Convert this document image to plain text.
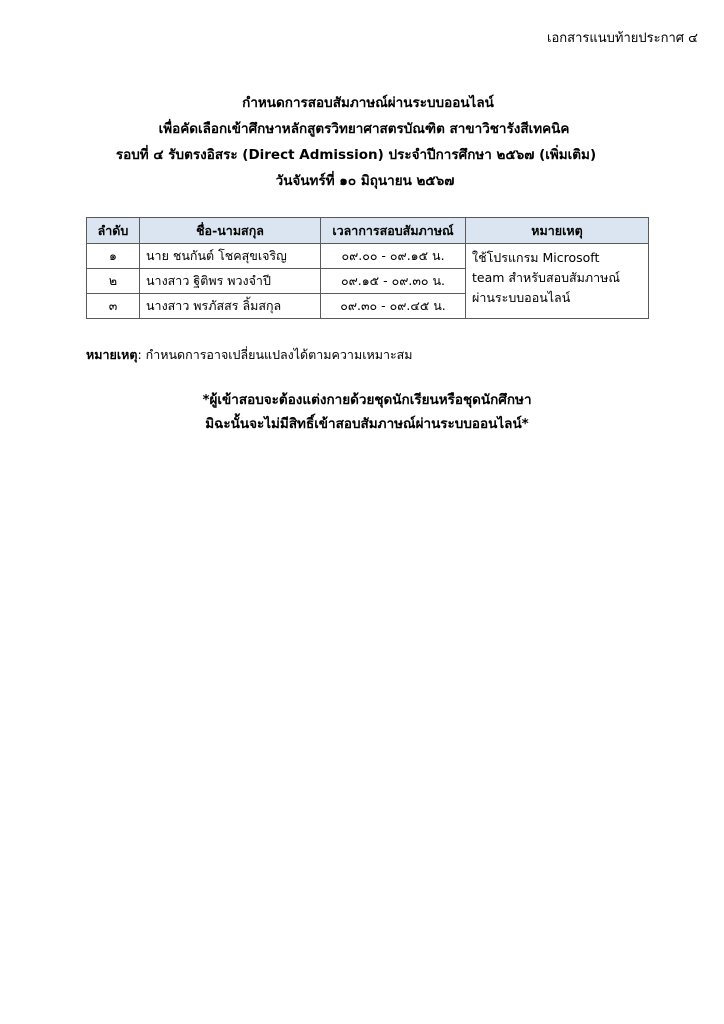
เอกสารแนบท้ายประกาศ ๔
กำหนดการสอบสัมภาษณ์ผ่านระบบออนไลน์
เพื่อคัดเลือกเข้าศึกษาหลักสูตรวิทยาศาสตรบัณฑิต สาขาวิชารังสีเทคนิค
รอบที่ ๔ รับตรงอิสระ (Direct Admission) ประจำปีการศึกษา ๒๕๖๗ (เพิ่มเติม)
วันจันทร์ที่ ๑๐ มิถุนายน ๒๕๖๗
ลำดับ	ชื่อ-นามสกุล	เวลาการสอบสัมภาษณ์	หมายเหตุ
๑	นาย ชนกันต์ โชคสุขเจริญ	๐๙.๐๐ - ๐๙.๑๕ น.	ใช้โปรแกรม Microsoft
team สำหรับสอบสัมภาษณ์
ผ่านระบบออนไลน์

๒	นางสาว ฐิติพร พวงจำปี	๐๙.๑๕ - ๐๙.๓๐ น.	
๓	นางสาว พรภัสสร ลิ้มสกุล	๐๙.๓๐ - ๐๙.๔๕ น.	
หมายเหตุ: กำหนดการอาจเปลี่ยนแปลงได้ตามความเหมาะสม
*ผู้เข้าสอบจะต้องแต่งกายด้วยชุดนักเรียนหรือชุดนักศึกษา
มิฉะนั้นจะไม่มีสิทธิ์เข้าสอบสัมภาษณ์ผ่านระบบออนไลน์*
